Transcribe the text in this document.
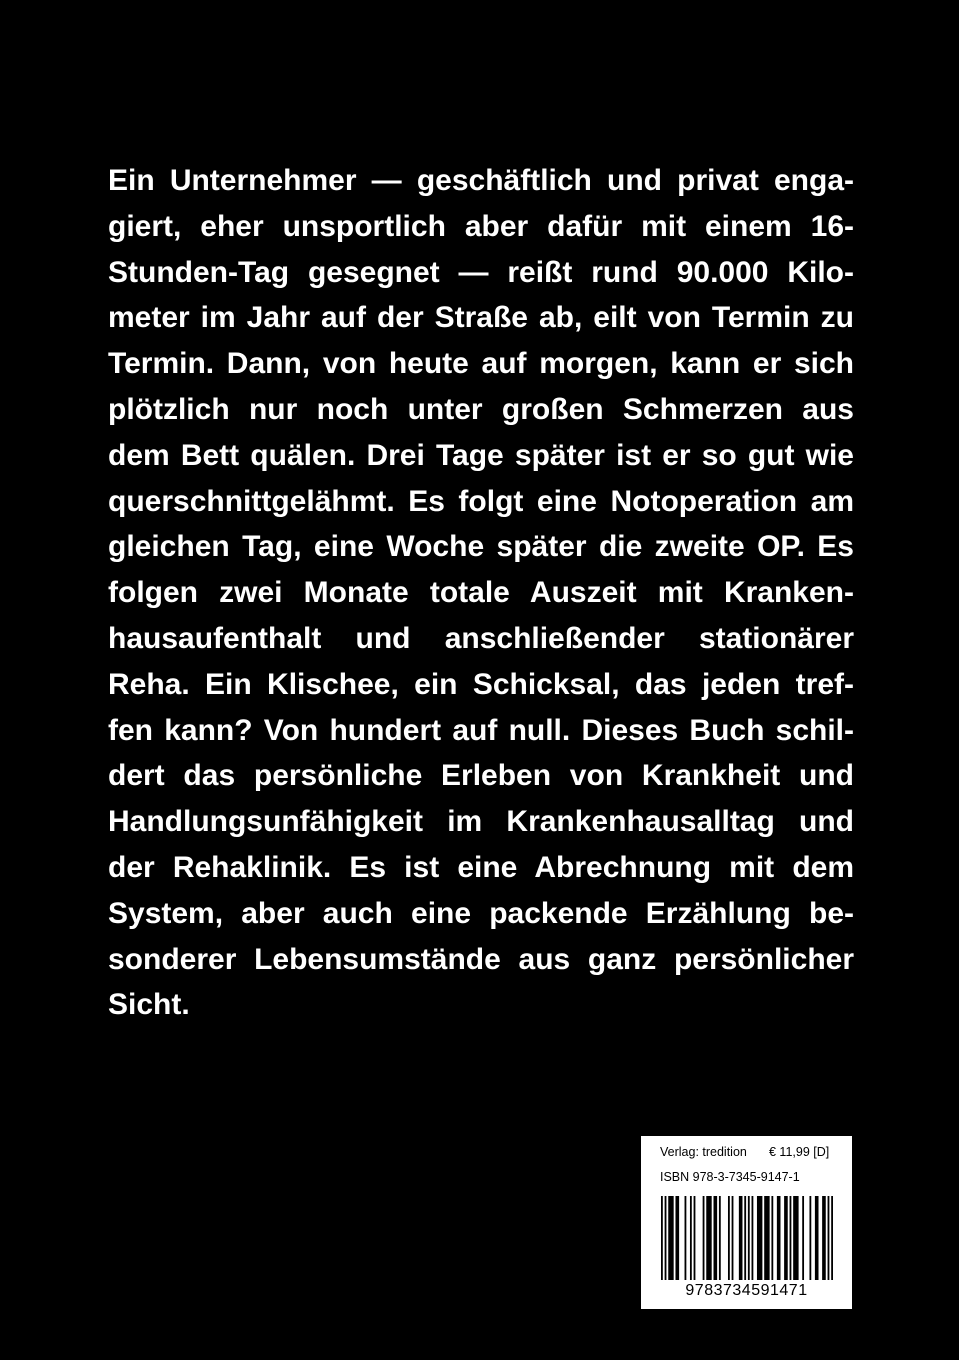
Ein Unternehmer — geschäftlich und privat enga-
giert, eher unsportlich aber dafür mit einem 16-
Stunden-Tag gesegnet — reißt rund 90.000 Kilo-
meter im Jahr auf der Straße ab, eilt von Termin zu
Termin. Dann, von heute auf morgen, kann er sich
plötzlich nur noch unter großen Schmerzen aus
dem Bett quälen. Drei Tage später ist er so gut wie
querschnittgelähmt. Es folgt eine Notoperation am
gleichen Tag, eine Woche später die zweite OP. Es
folgen zwei Monate totale Auszeit mit Kranken-
hausaufenthalt und anschließender stationärer
Reha. Ein Klischee, ein Schicksal, das jeden tref-
fen kann? Von hundert auf null. Dieses Buch schil-
dert das persönliche Erleben von Krankheit und
Handlungsunfähigkeit im Krankenhausalltag und
der Rehaklinik. Es ist eine Abrechnung mit dem
System, aber auch eine packende Erzählung be-
sonderer Lebensumstände aus ganz persönlicher
Sicht.
Verlag: tredition € 11,99 [D]
ISBN 978-3-7345-9147-1
9783734591471
